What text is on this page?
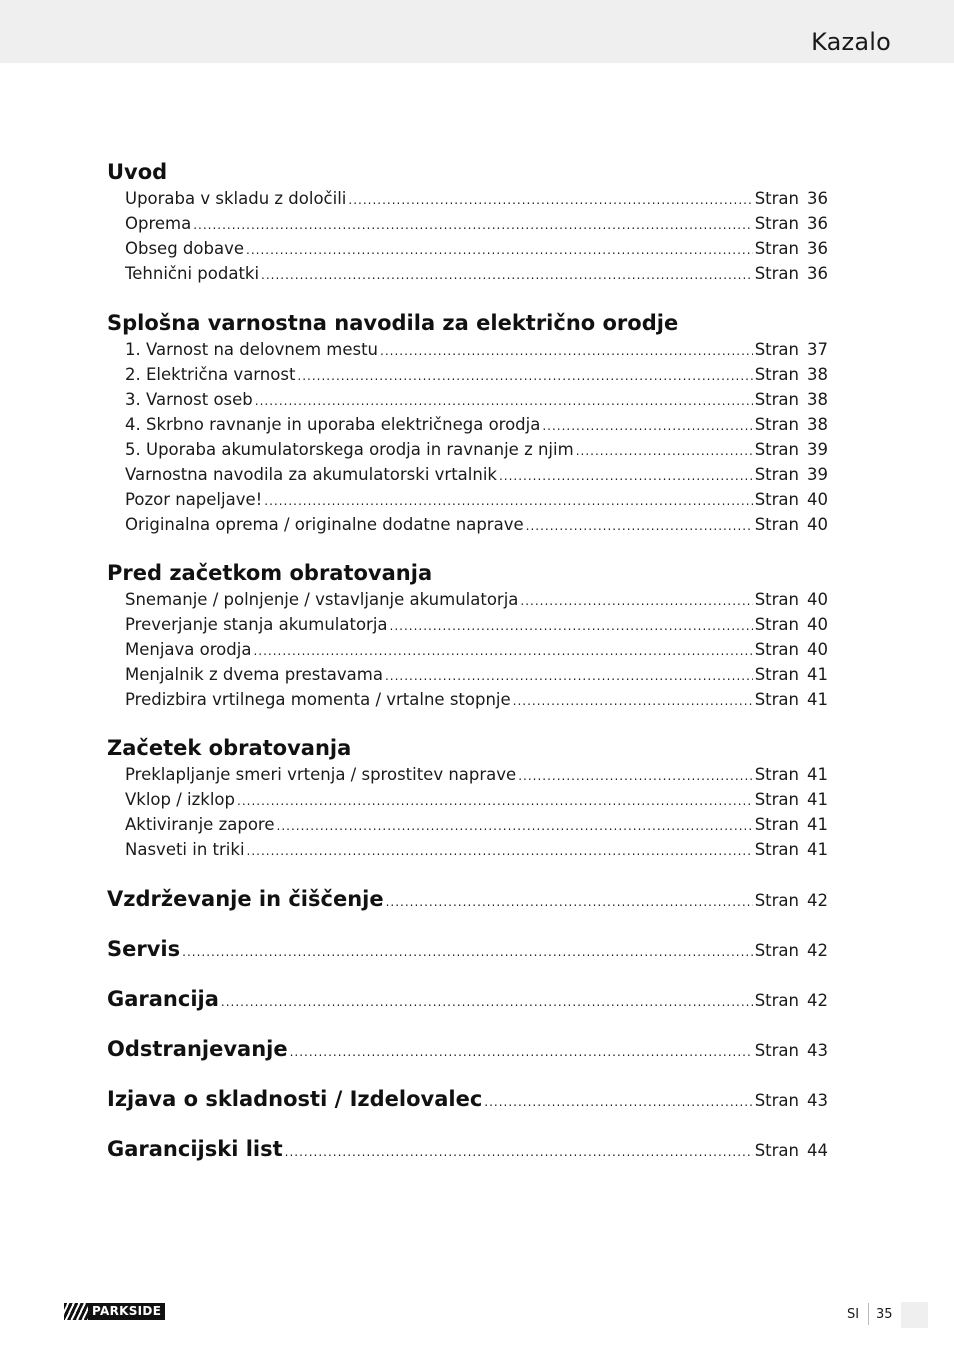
Kazalo
Uvod
Uporaba v skladu z določili .....	Stran 36
Oprema .....	Stran 36
Obseg dobave .....	Stran 36
Tehnični podatki .....	Stran 36
Splošna varnostna navodila za električno orodje
1. Varnost na delovnem mestu .....	Stran 37
2. Električna varnost .....	Stran 38
3. Varnost oseb .....	Stran 38
4. Skrbno ravnanje in uporaba električnega orodja .....	Stran 38
5. Uporaba akumulatorskega orodja in ravnanje z njim .....	Stran 39
Varnostna navodila za akumulatorski vrtalnik .....	Stran 39
Pozor napeljave! .....	Stran 40
Originalna oprema / originalne dodatne naprave .....	Stran 40
Pred začetkom obratovanja
Snemanje / polnjenje / vstavljanje akumulatorja .....	Stran 40
Preverjanje stanja akumulatorja .....	Stran 40
Menjava orodja .....	Stran 40
Menjalnik z dvema prestavama .....	Stran 41
Predizbira vrtilnega momenta / vrtalne stopnje .....	Stran 41
Začetek obratovanja
Preklapljanje smeri vrtenja / sprostitev naprave .....	Stran 41
Vklop / izklop .....	Stran 41
Aktiviranje zapore .....	Stran 41
Nasveti in triki .....	Stran 41
Vzdrževanje in čiščenje .....	Stran 42
Servis .....	Stran 42
Garancija .....	Stran 42
Odstranjevanje .....	Stran 43
Izjava o skladnosti / Izdelovalec .....	Stran 43
Garancijski list .....	Stran 44
PARKSIDE	SI 35
